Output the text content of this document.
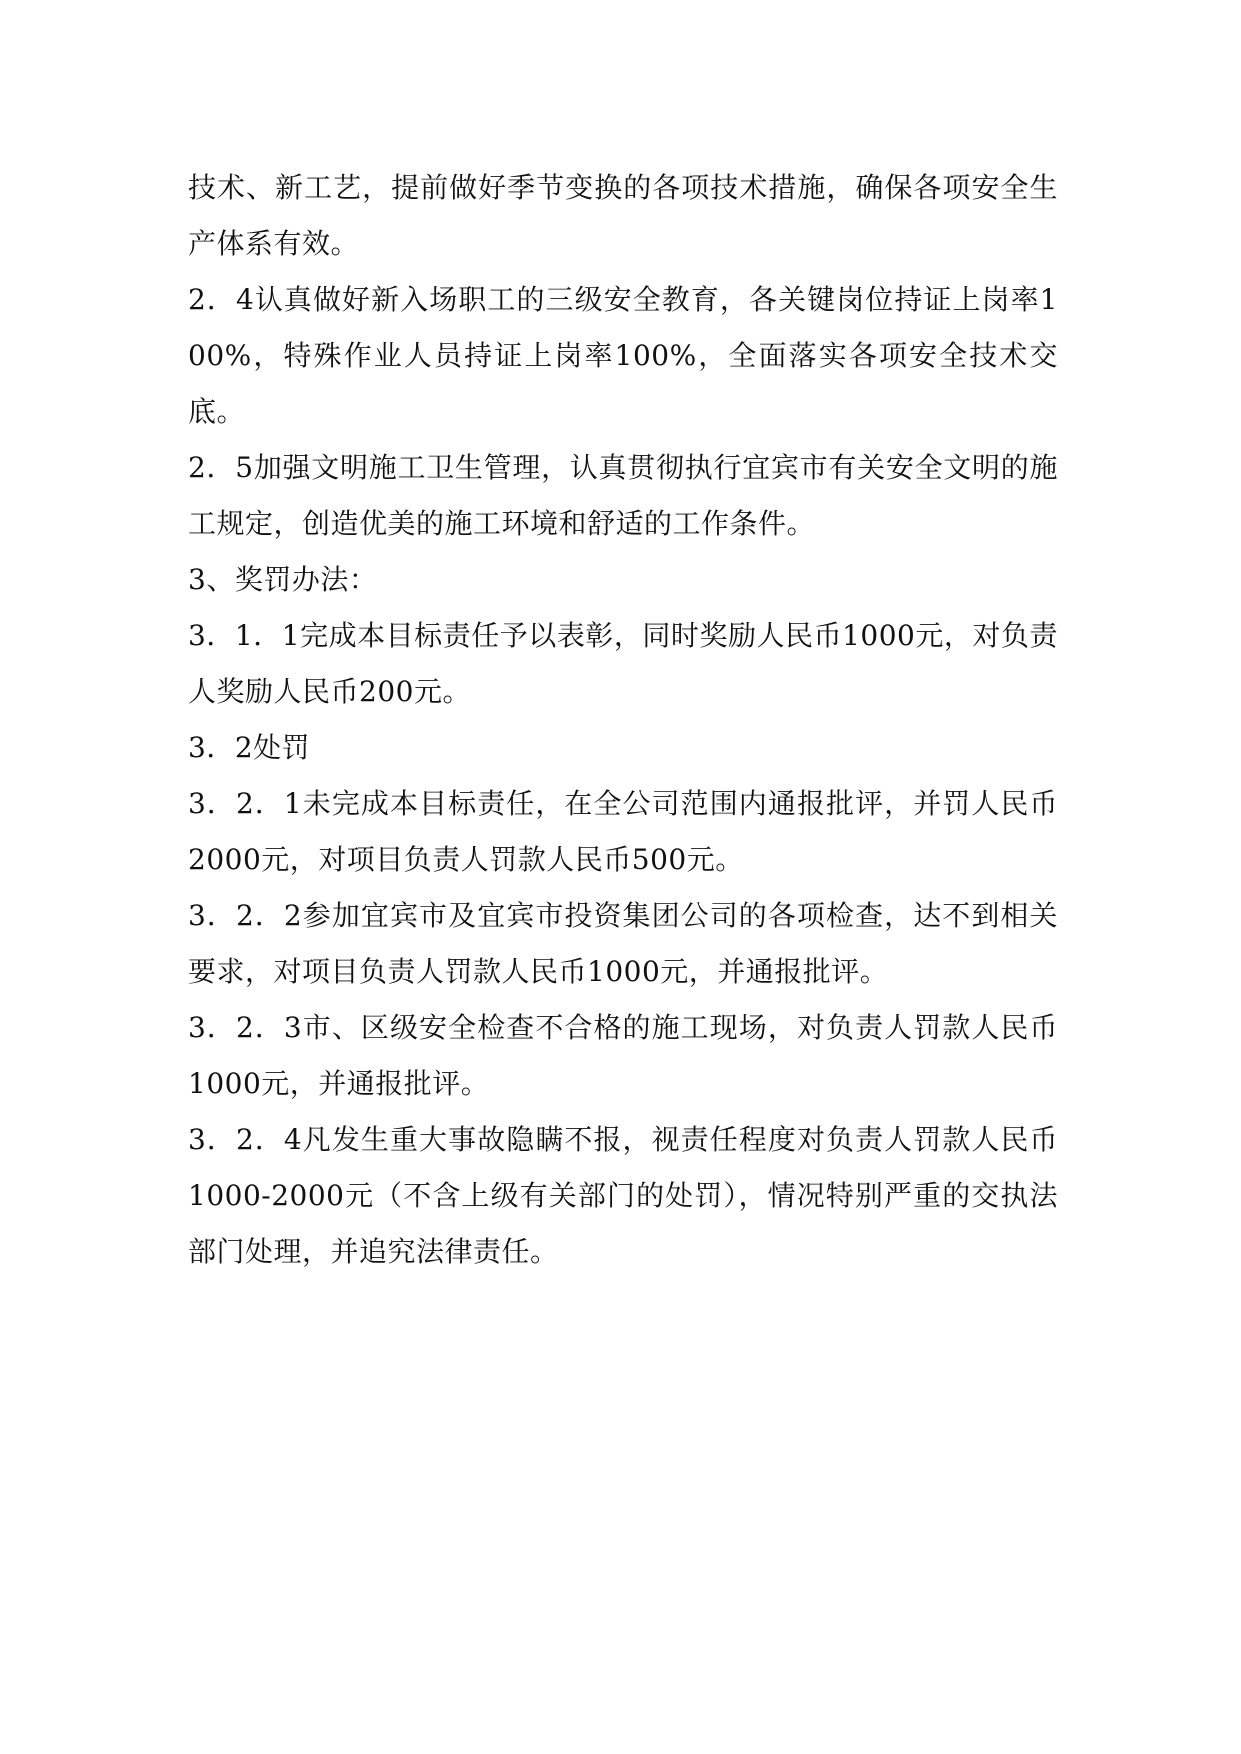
技术、新工艺，提前做好季节变换的各项技术措施，确保各项安全生产体系有效。

2．4认真做好新入场职工的三级安全教育，各关键岗位持证上岗率100%，特殊作业人员持证上岗率100%，全面落实各项安全技术交底。

2．5加强文明施工卫生管理，认真贯彻执行宜宾市有关安全文明的施工规定，创造优美的施工环境和舒适的工作条件。

3、奖罚办法：

3．1．1完成本目标责任予以表彰，同时奖励人民币1000元，对负责人奖励人民币200元。

3．2处罚

3．2．1未完成本目标责任，在全公司范围内通报批评，并罚人民币2000元，对项目负责人罚款人民币500元。

3．2．2参加宜宾市及宜宾市投资集团公司的各项检查，达不到相关要求，对项目负责人罚款人民币1000元，并通报批评。

3．2．3市、区级安全检查不合格的施工现场，对负责人罚款人民币1000元，并通报批评。

3．2．4凡发生重大事故隐瞒不报，视责任程度对负责人罚款人民币1000-2000元（不含上级有关部门的处罚），情况特别严重的交执法部门处理，并追究法律责任。
